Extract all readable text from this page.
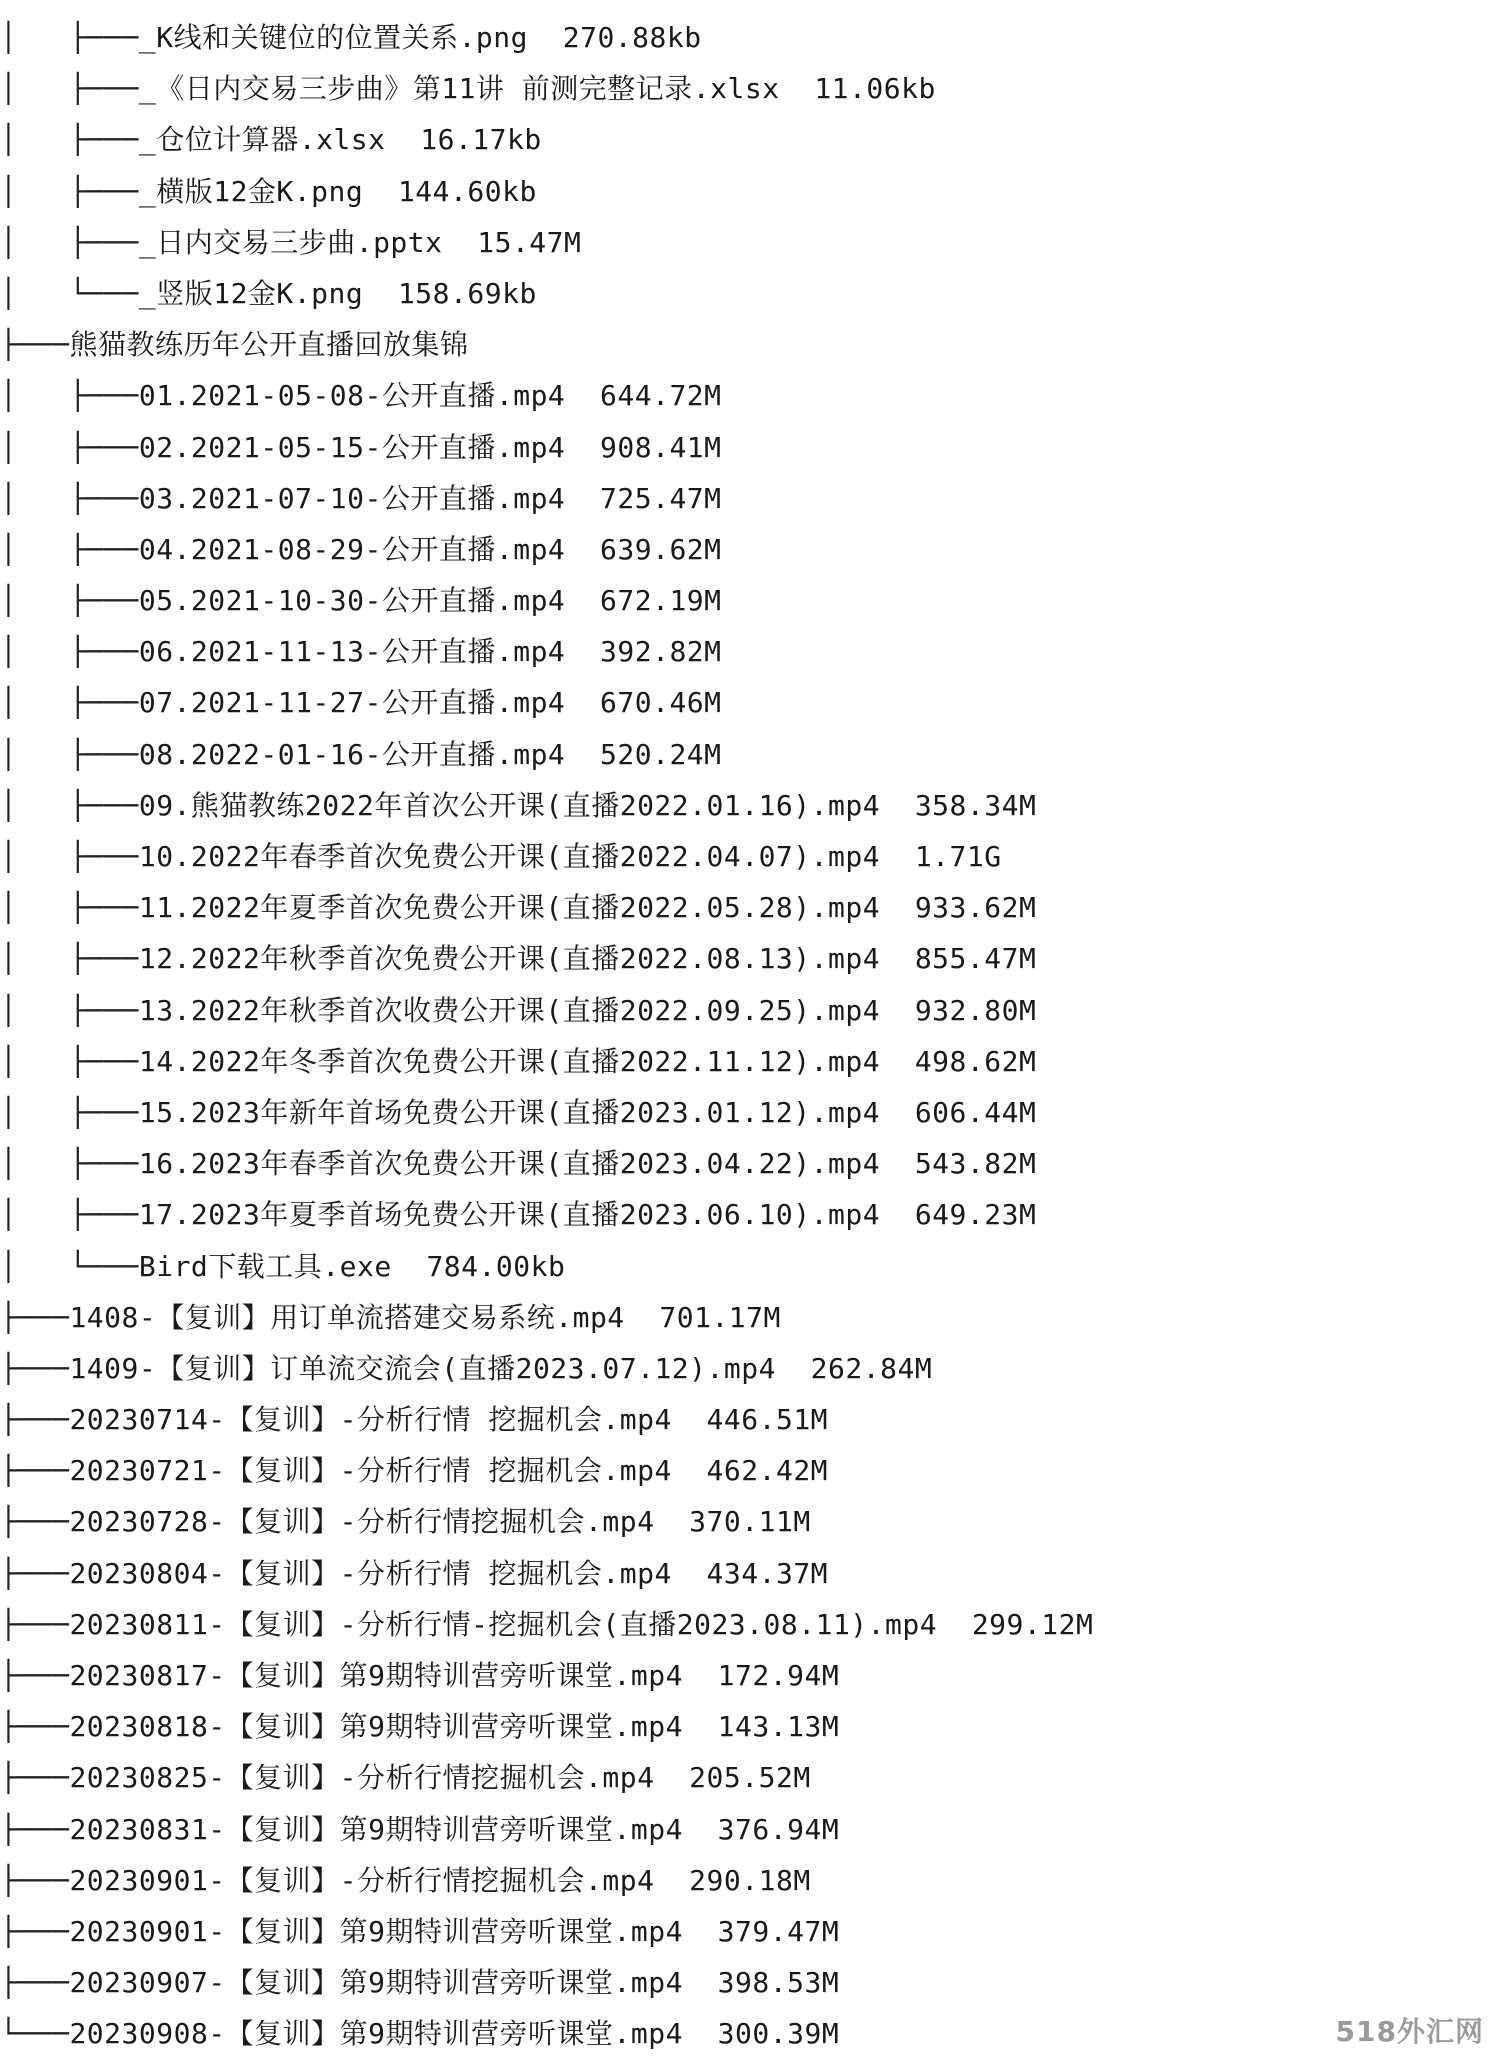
│   ├───_K线和关键位的位置关系.png 270.88kb
│   ├───_《日内交易三步曲》第11讲 前测完整记录.xlsx 11.06kb
│   ├───_仓位计算器.xlsx 16.17kb
│   ├───_横版12金K.png 144.60kb
│   ├───_日内交易三步曲.pptx 15.47M
│   └───_竖版12金K.png 158.69kb
├───熊猫教练历年公开直播回放集锦
│   ├───01.2021-05-08-公开直播.mp4 644.72M
│   ├───02.2021-05-15-公开直播.mp4 908.41M
│   ├───03.2021-07-10-公开直播.mp4 725.47M
│   ├───04.2021-08-29-公开直播.mp4 639.62M
│   ├───05.2021-10-30-公开直播.mp4 672.19M
│   ├───06.2021-11-13-公开直播.mp4 392.82M
│   ├───07.2021-11-27-公开直播.mp4 670.46M
│   ├───08.2022-01-16-公开直播.mp4 520.24M
│   ├───09.熊猫教练2022年首次公开课(直播2022.01.16).mp4 358.34M
│   ├───10.2022年春季首次免费公开课(直播2022.04.07).mp4 1.71G
│   ├───11.2022年夏季首次免费公开课(直播2022.05.28).mp4 933.62M
│   ├───12.2022年秋季首次免费公开课(直播2022.08.13).mp4 855.47M
│   ├───13.2022年秋季首次收费公开课(直播2022.09.25).mp4 932.80M
│   ├───14.2022年冬季首次免费公开课(直播2022.11.12).mp4 498.62M
│   ├───15.2023年新年首场免费公开课(直播2023.01.12).mp4 606.44M
│   ├───16.2023年春季首次免费公开课(直播2023.04.22).mp4 543.82M
│   ├───17.2023年夏季首场免费公开课(直播2023.06.10).mp4 649.23M
│   └───Bird下载工具.exe 784.00kb
├───1408-【复训】用订单流搭建交易系统.mp4 701.17M
├───1409-【复训】订单流交流会(直播2023.07.12).mp4 262.84M
├───20230714-【复训】-分析行情 挖掘机会.mp4 446.51M
├───20230721-【复训】-分析行情 挖掘机会.mp4 462.42M
├───20230728-【复训】-分析行情挖掘机会.mp4 370.11M
├───20230804-【复训】-分析行情 挖掘机会.mp4 434.37M
├───20230811-【复训】-分析行情-挖掘机会(直播2023.08.11).mp4 299.12M
├───20230817-【复训】第9期特训营旁听课堂.mp4 172.94M
├───20230818-【复训】第9期特训营旁听课堂.mp4 143.13M
├───20230825-【复训】-分析行情挖掘机会.mp4 205.52M
├───20230831-【复训】第9期特训营旁听课堂.mp4 376.94M
├───20230901-【复训】-分析行情挖掘机会.mp4 290.18M
├───20230901-【复训】第9期特训营旁听课堂.mp4 379.47M
├───20230907-【复训】第9期特训营旁听课堂.mp4 398.53M
└───20230908-【复训】第9期特训营旁听课堂.mp4 300.39M	518外汇网
